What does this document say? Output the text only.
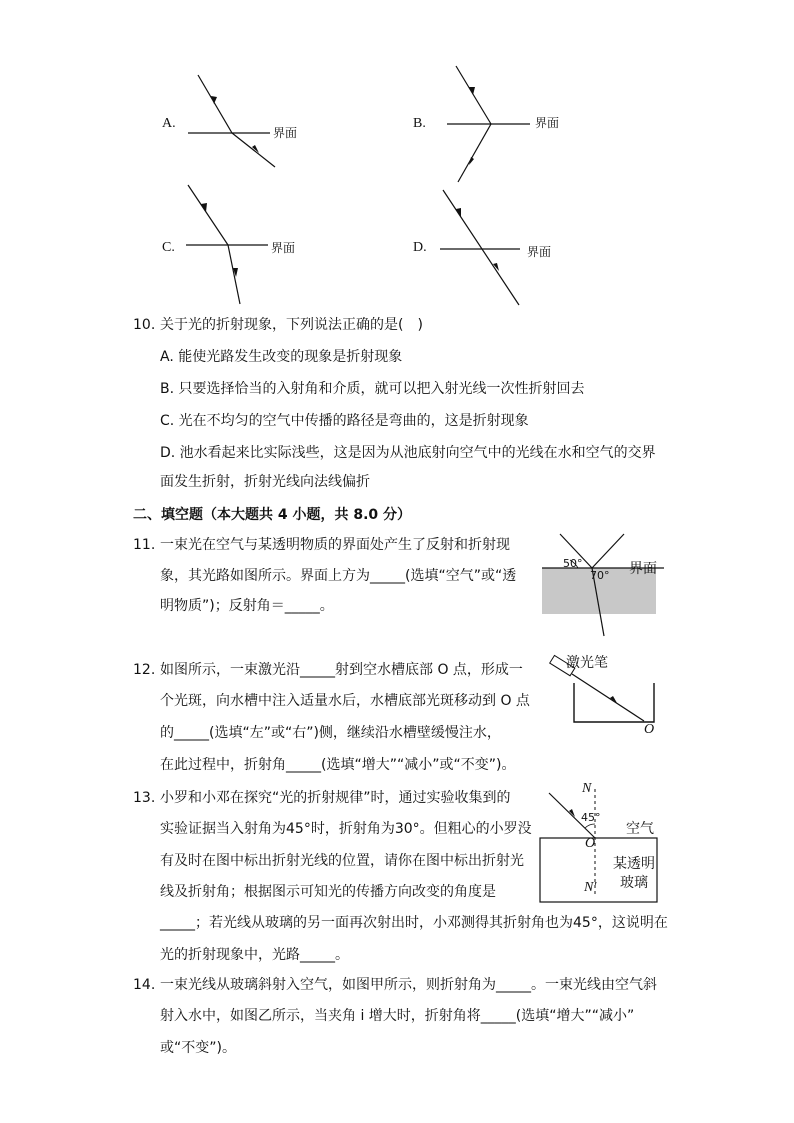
A.
界面
B.	界面
C.	界面	D.	界面
10. 关于光的折射现象，下列说法正确的是(　)
A. 能使光路发生改变的现象是折射现象
B. 只要选择恰当的入射角和介质，就可以把入射光线一次性折射回去
C. 光在不均匀的空气中传播的路径是弯曲的，这是折射现象
D. 池水看起来比实际浅些，这是因为从池底射向空气中的光线在水和空气的交界
面发生折射，折射光线向法线偏折
二、填空题（本大题共 4 小题，共 8.0 分）
11. 一束光在空气与某透明物质的界面处产生了反射和折射现
象，其光路如图所示。界面上方为_____(选填“空气”或“透
明物质”)；反射角＝_____。
50°
70° 界面
12. 如图所示，一束激光沿_____射到空水槽底部 O 点，形成一
个光斑，向水槽中注入适量水后，水槽底部光斑移动到 O 点
的_____(选填“左”或“右”)侧，继续沿水槽壁缓慢注水，
在此过程中，折射角_____(选填“增大”“减小”或“不变”)。
激光笔
O
13. 小罗和小邓在探究“光的折射规律”时，通过实验收集到的
实验证据当入射角为45°时，折射角为30°。但粗心的小罗没
有及时在图中标出折射光线的位置，请你在图中标出折射光
线及折射角；根据图示可知光的传播方向改变的角度是
_____；若光线从玻璃的另一面再次射出时，小邓测得其折射角也为45°，这说明在
光的折射现象中，光路_____。
N
45°
空气
O
某透明
玻璃
N′
14. 一束光线从玻璃斜射入空气，如图甲所示，则折射角为_____。一束光线由空气斜
射入水中，如图乙所示，当夹角 i 增大时，折射角将_____(选填“增大”“减小”
或“不变”)。
